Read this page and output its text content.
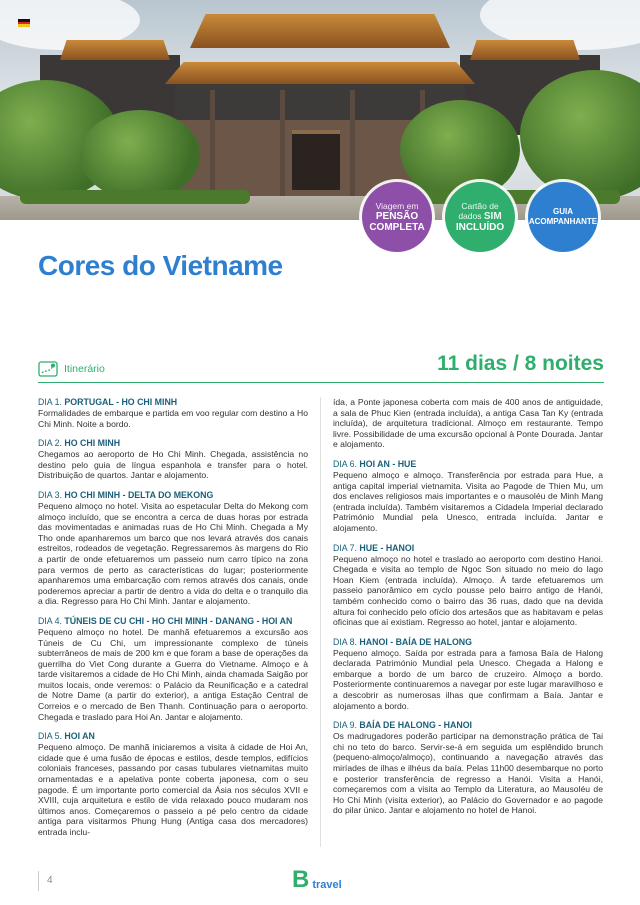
Viagem em
PENSÃO
COMPLETA
Cartão de
dados SIM
INCLUÍDO
GUIA
ACOMPANHANTE
Cores do Vietname
Itinerário	11 dias / 8 noites
DIA 1. PORTUGAL - HO CHI MINH

Formalidades de embarque e partida em voo regular com destino a Ho Chi Minh. Noite a bordo.

DIA 2. HO CHI MINH

Chegamos ao aeroporto de Ho Chi Minh. Chegada, assistência no destino pelo guia de língua espanhola e transfer para o hotel. Distribuição de quartos. Jantar e alojamento.

DIA 3. HO CHI MINH - DELTA DO MEKONG

Pequeno almoço no hotel. Visita ao espetacular Delta do Mekong com almoço incluído, que se encontra a cerca de duas horas por estrada das movimentadas e animadas ruas de Ho Chi Minh. Chegada a My Tho onde apanharemos um barco que nos levará através dos canais estreitos, rodeados de vegetação. Regressaremos às margens do Rio a partir de onde efetuaremos um passeio num carro típico na zona para vermos de perto as características do lugar; posteriormente apanharemos uma embarcação com remos através dos canais, onde poderemos apreciar a partir de dentro a vida do delta e o tranquilo dia a dia. Regresso para Ho Chi Minh. Jantar e alojamento.

DIA 4. TÚNEIS DE CU CHI - HO CHI MINH - DANANG - HOI AN

Pequeno almoço no hotel. De manhã efetuaremos a excursão aos Túneis de Cu Chi, um impressionante complexo de túneis subterrâneos de mais de 200 km e que foram a base de operações da guerrilha do Viet Cong durante a Guerra do Vietname. Almoço e à tarde visitaremos a cidade de Ho Chi Minh, ainda chamada Saigão por muitos locais, onde veremos: o Palácio da Reunificação e a catedral de Notre Dame (a partir do exterior), a antiga Estação Central de Correios e o mercado de Ben Thanh. Continuação para o aeroporto. Chegada e traslado para Hoi An. Jantar e alojamento.

DIA 5. HOI AN

Pequeno almoço. De manhã iniciaremos a visita à cidade de Hoi An, cidade que é uma fusão de épocas e estilos, desde templos, edifícios coloniais franceses, passando por casas tubulares vietnamitas muito ornamentadas e a apelativa ponte coberta japonesa, com o seu pagode. É um importante porto comercial da Ásia nos séculos XVII e XVIII, cuja arquitetura e estilo de vida relaxado pouco mudaram nos últimos anos. Começaremos o passeio a pé pelo centro da cidade antiga para visitarmos Phung Hung (Antiga casa dos mercadores) entrada inclu-

ída, a Ponte japonesa coberta com mais de 400 anos de antiguidade, a sala de Phuc Kien (entrada incluída), a antiga Casa Tan Ky (entrada incluída), de arquitetura tradicional. Almoço em restaurante. Tempo livre. Possibilidade de uma excursão opcional à Ponte Dourada. Jantar e alojamento.

DIA 6. HOI AN - HUE

Pequeno almoço e almoço. Transferência por estrada para Hue, a antiga capital imperial vietnamita. Visita ao Pagode de Thien Mu, um dos enclaves religiosos mais importantes e o mausoléu de Minh Mang (entrada incluída). Também visitaremos a Cidadela Imperial declarado Património Mundial pela Unesco, entrada incluída. Jantar e alojamento.

DIA 7. HUE - HANOI

Pequeno almoço no hotel e traslado ao aeroporto com destino Hanoi. Chegada e visita ao templo de Ngoc Son situado no meio do lago Hoan Kiem (entrada incluída). Almoço. À tarde efetuaremos um passeio panorâmico em cyclo pousse pelo bairro antigo de Hanói, também conhecido como o bairro das 36 ruas, dado que na devida altura foi conhecido pelo ofício dos artesãos que as habitavam e pelas oficinas que aí existiam. Regresso ao hotel, jantar e alojamento.

DIA 8. HANOI - BAÍA DE HALONG

Pequeno almoço. Saída por estrada para a famosa Baía de Halong declarada Património Mundial pela Unesco. Chegada a Halong e embarque a bordo de um barco de cruzeiro. Almoço a bordo. Posteriormente continuaremos a navegar por este lugar maravilhoso e a descobrir as numerosas ilhas que confirmam a Baía. Jantar e alojamento a bordo.

DIA 9. BAÍA DE HALONG - HANOI

Os madrugadores poderão participar na demonstração prática de Tai chi no teto do barco. Servir-se-á em seguida um esplêndido brunch (pequeno-almoço/almoço), continuando a navegação através das miríades de ilhas e ilhéus da baía. Pelas 11h00 desembarque no porto e posterior transferência de regresso a Hanói. Visita a Hanói, começaremos com a visita ao Templo da Literatura, ao Mausoléu de Ho Chi Minh (visita exterior), ao Palácio do Governador e ao pagode do pilar único. Jantar e alojamento no hotel de Hanoi.

4	B travel
